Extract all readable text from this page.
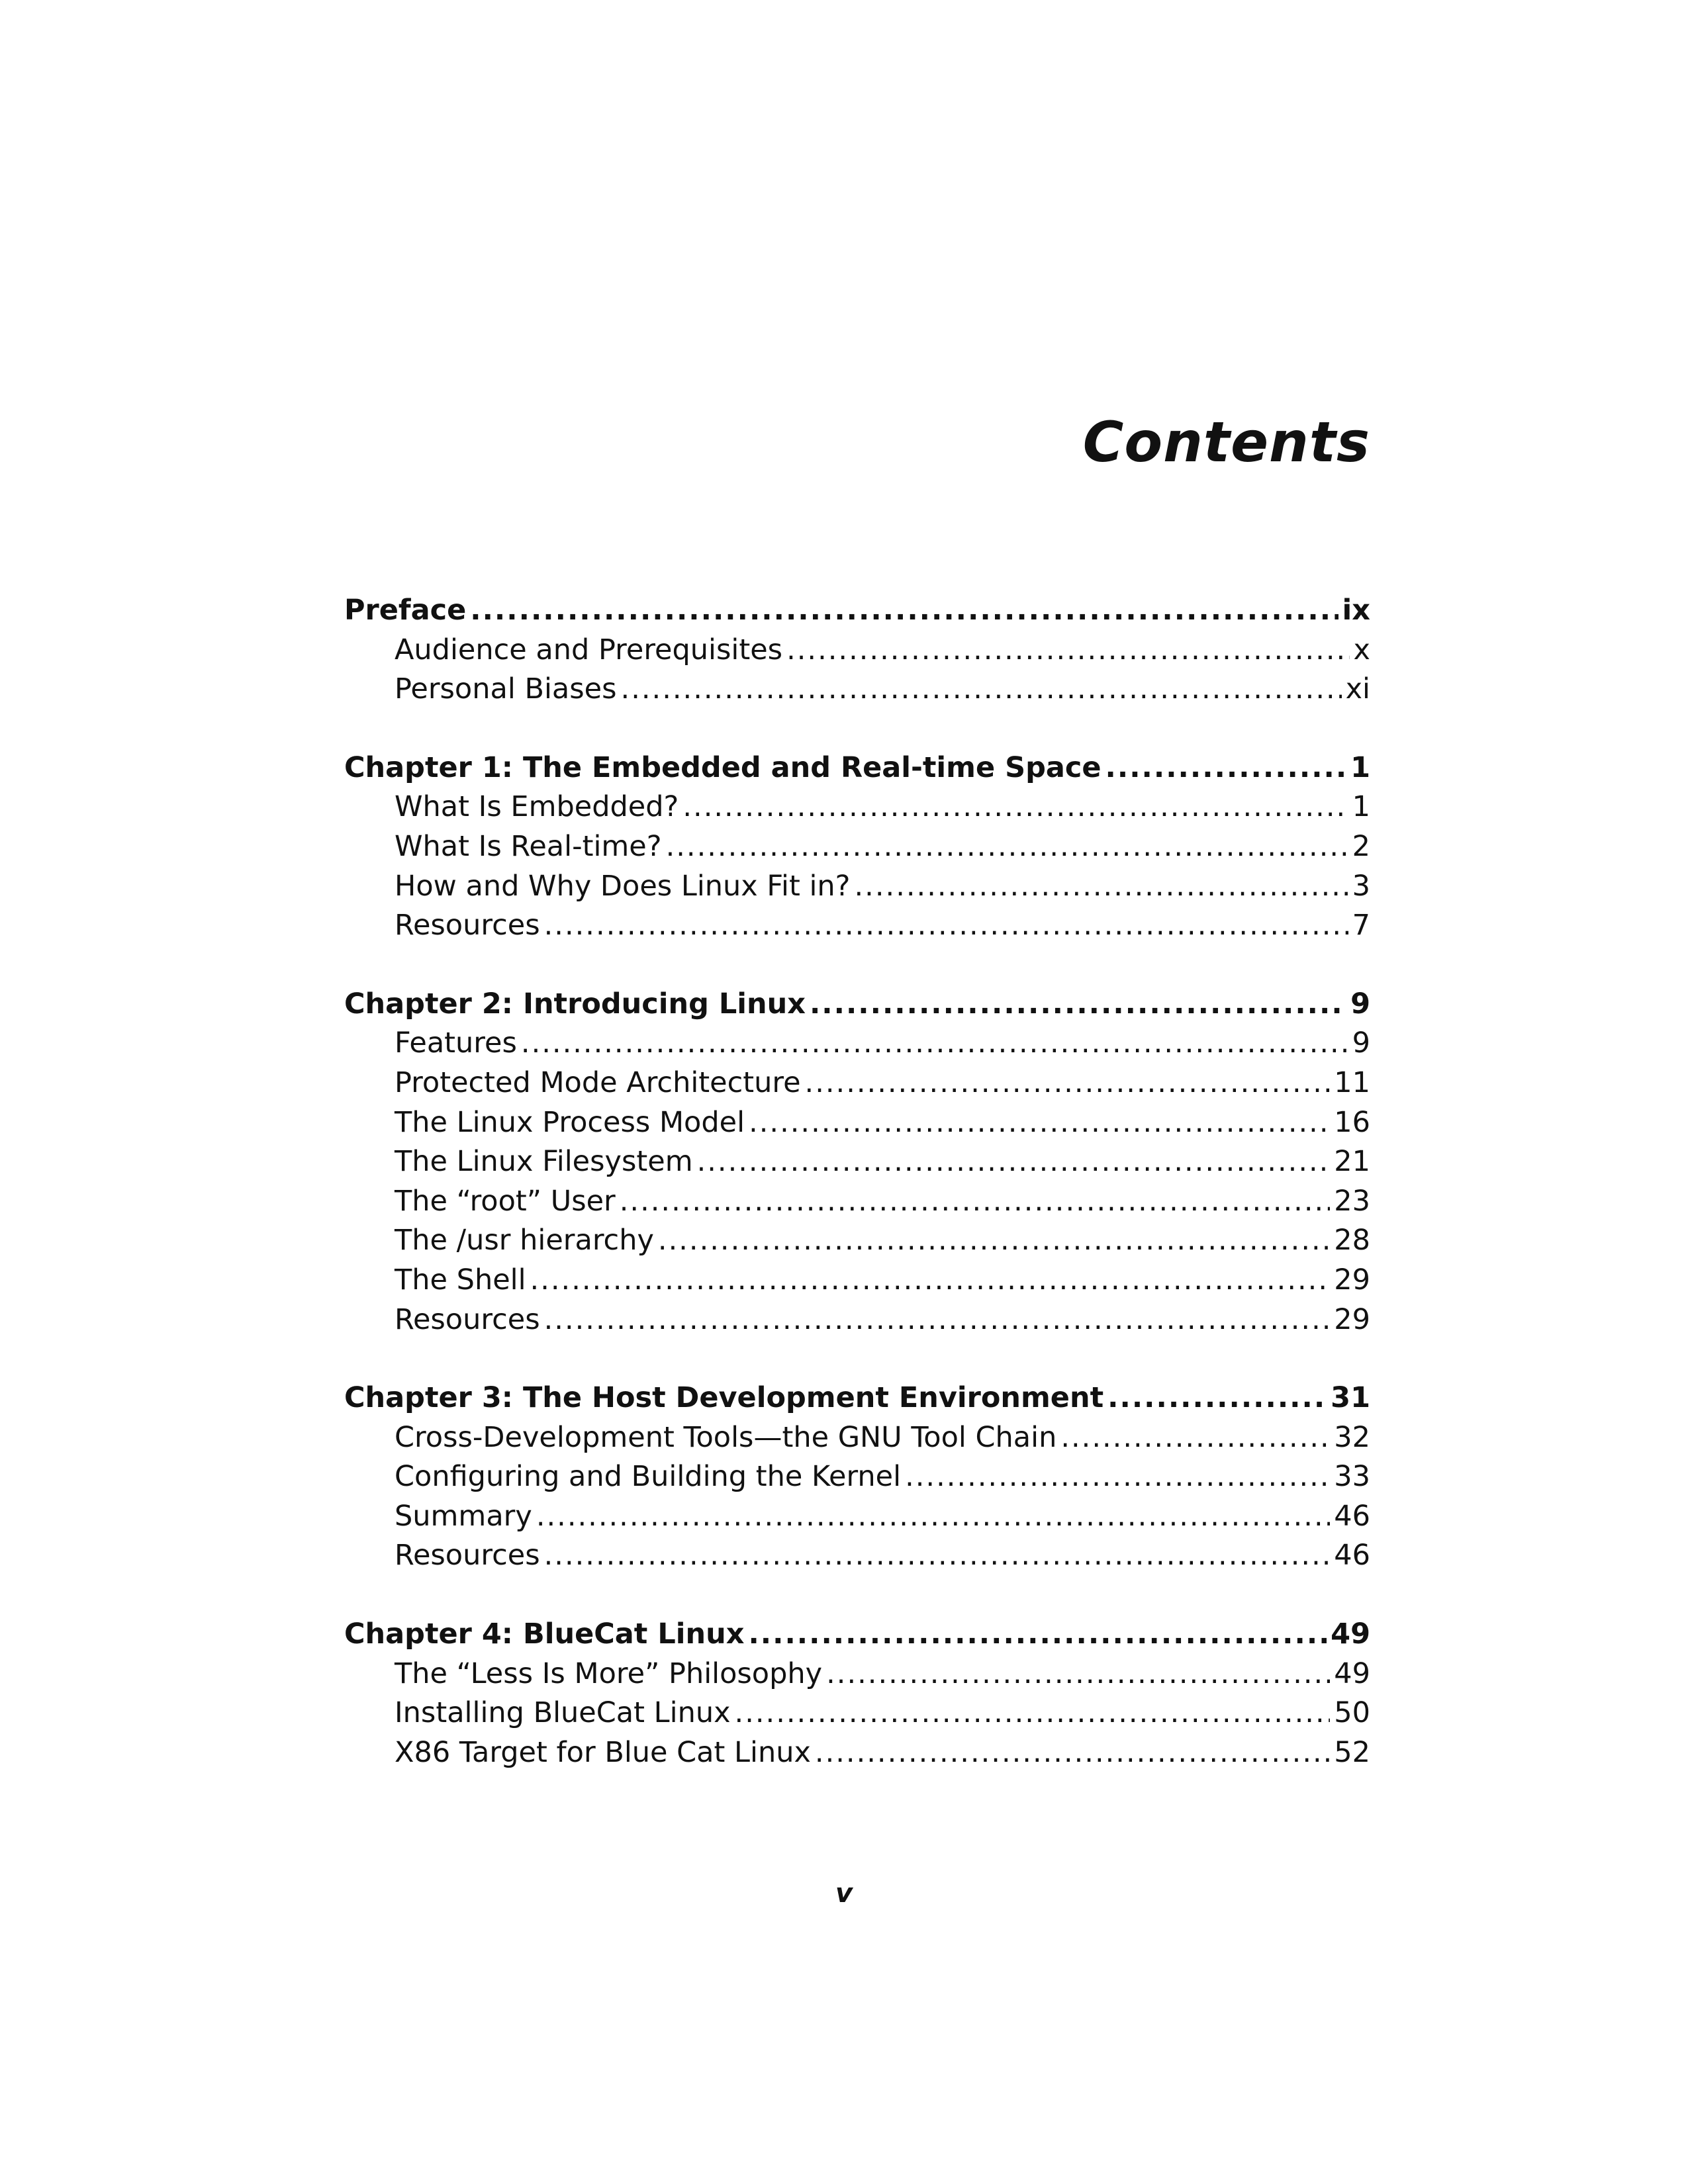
Contents
Preface .....	ix
Audience and Prerequisites .....	x
Personal Biases .....	xi
Chapter 1: The Embedded and Real-time Space .....	1
What Is Embedded? .....	1
What Is Real-time? .....	2
How and Why Does Linux Fit in? .....	3
Resources .....	7
Chapter 2: Introducing Linux .....	9
Features .....	9
Protected Mode Architecture .....	11
The Linux Process Model .....	16
The Linux Filesystem .....	21
The “root” User .....	23
The /usr hierarchy .....	28
The Shell .....	29
Resources .....	29
Chapter 3: The Host Development Environment .....	31
Cross-Development Tools—the GNU Tool Chain .....	32
Configuring and Building the Kernel .....	33
Summary .....	46
Resources .....	46
Chapter 4: BlueCat Linux .....	49
The “Less Is More” Philosophy .....	49
Installing BlueCat Linux .....	50
X86 Target for Blue Cat Linux .....	52
v
